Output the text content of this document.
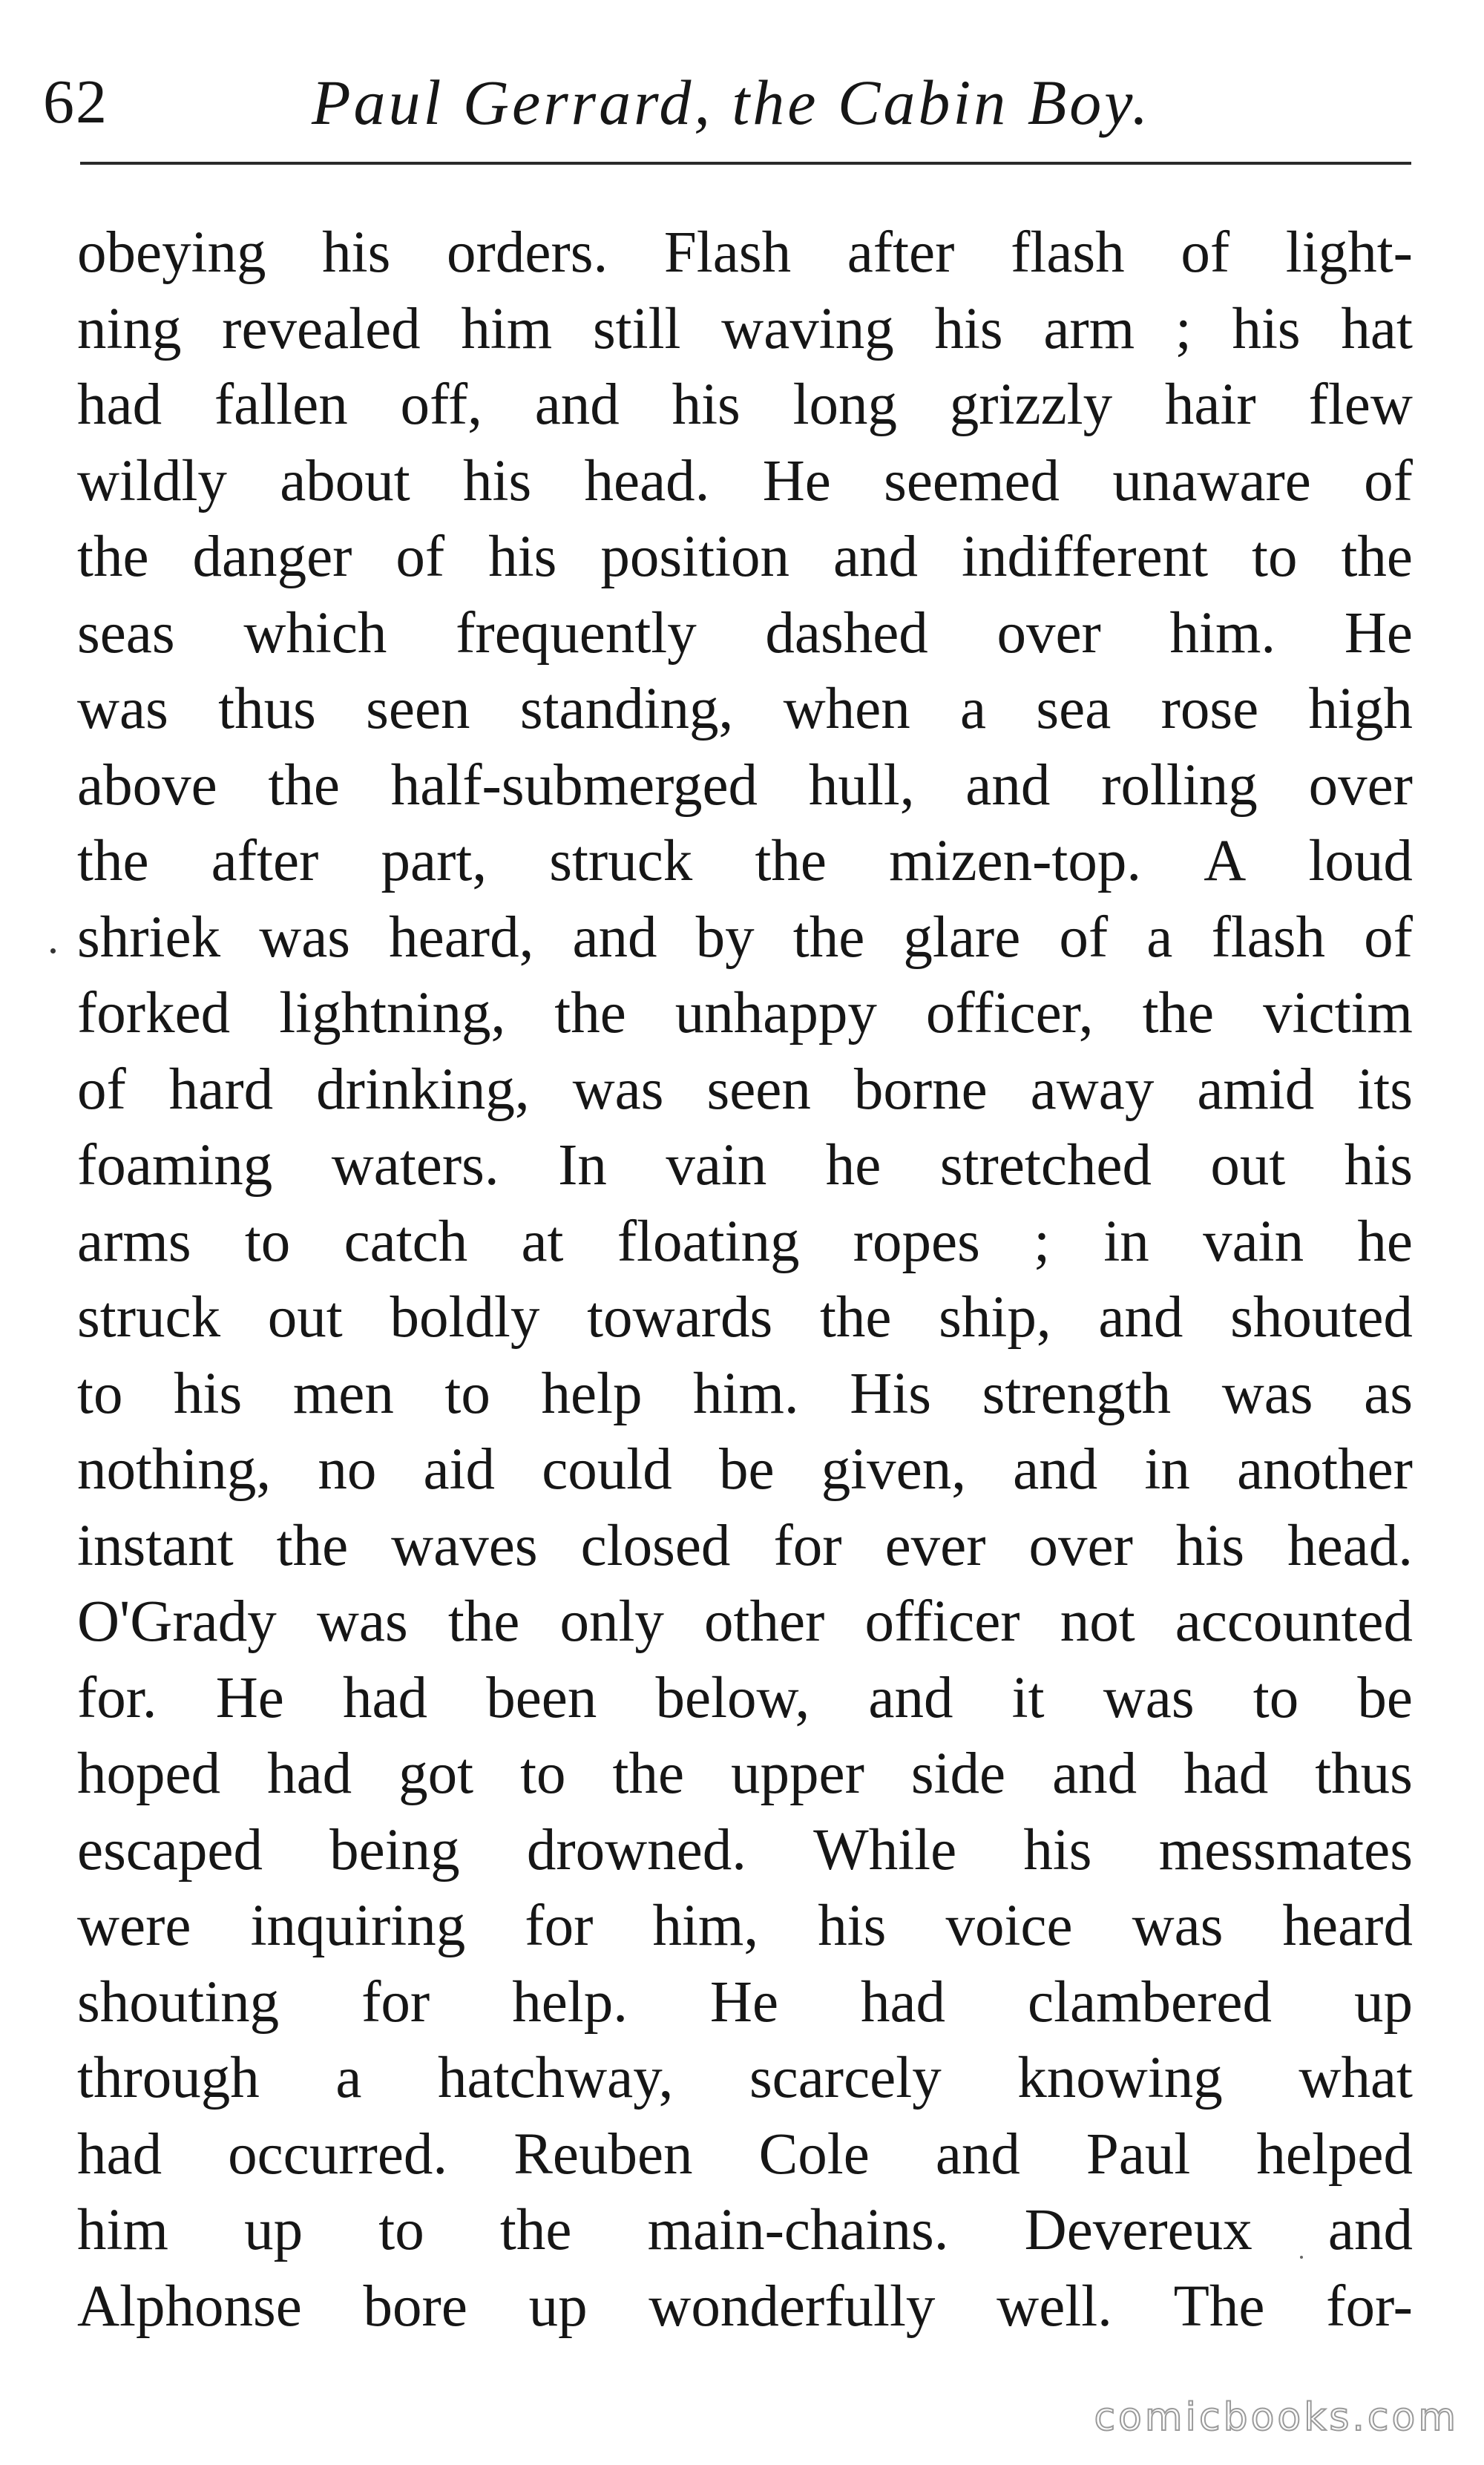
62	Paul Gerrard, the Cabin Boy.
obeying his orders. Flash after flash of light-
ning revealed him still waving his arm ; his hat
had fallen off, and his long grizzly hair flew
wildly about his head. He seemed unaware of
the danger of his position and indifferent to the
seas which frequently dashed over him. He
was thus seen standing, when a sea rose high
above the half-submerged hull, and rolling over
the after part, struck the mizen-top. A loud
shriek was heard, and by the glare of a flash of
forked lightning, the unhappy officer, the victim
of hard drinking, was seen borne away amid its
foaming waters. In vain he stretched out his
arms to catch at floating ropes ; in vain he
struck out boldly towards the ship, and shouted
to his men to help him. His strength was as
nothing, no aid could be given, and in another
instant the waves closed for ever over his head.
O'Grady was the only other officer not accounted
for. He had been below, and it was to be
hoped had got to the upper side and had thus
escaped being drowned. While his messmates
were inquiring for him, his voice was heard
shouting for help. He had clambered up
through a hatchway, scarcely knowing what
had occurred. Reuben Cole and Paul helped
him up to the main-chains. Devereux and
Alphonse bore up wonderfully well. The for-
comicbooks.com
